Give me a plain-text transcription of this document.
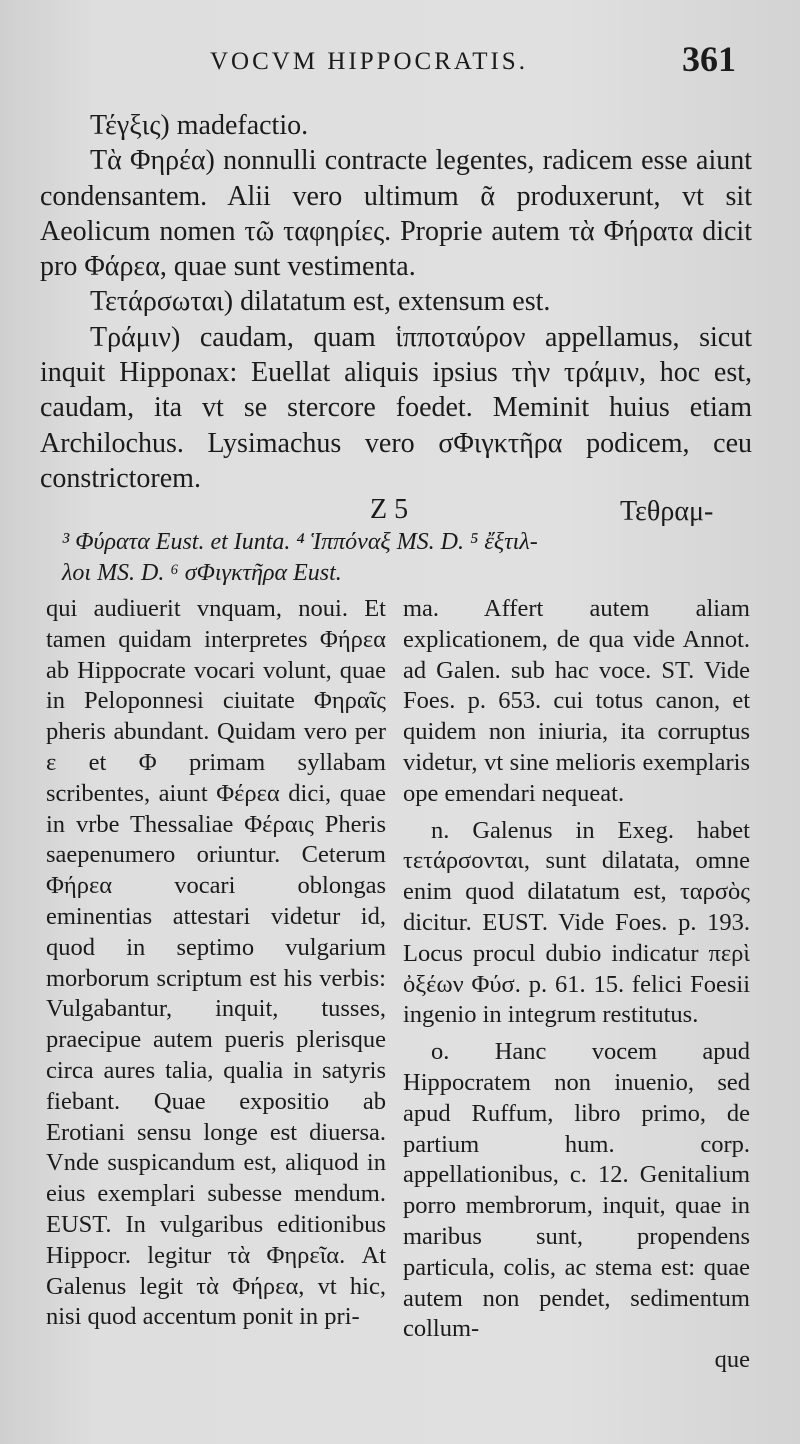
VOCVM HIPPOCRATIS.	361

Τέγξις) madefactio.

Τὰ Φηρέα) nonnulli contracte legentes, radicem esse aiunt condensantem. Alii vero ultimum ᾶ produxerunt, vt sit Aeolicum nomen τῶ ταφηρίες. Proprie autem τὰ Φήρατα dicit pro Φάρεα, quae sunt vestimenta.

Τετάρσωται) dilatatum est, extensum est.

Τράμιν) caudam, quam ἱπποταύρον appellamus, sicut inquit Hipponax: Euellat aliquis ipsius τὴν τράμιν, hoc est, caudam, ita vt se stercore foedet. Meminit huius etiam Archilochus. Lysimachus vero σΦιγκτῆρα podicem, ceu constrictorem.

Z 5	Τεθραμ-
³ Φύρατα Eust. et Iunta. ⁴ Ἱππόναξ MS. D. ⁵ ἔξτιλ-
λοι MS. D. ⁶ σΦιγκτῆρα Eust.

qui audiuerit vnquam, noui. Et tamen quidam interpretes Φήρεα ab Hippocrate vocari volunt, quae in Peloponnesi ciuitate Φηραῖς pheris abundant. Quidam vero per ε et Φ primam syllabam scribentes, aiunt Φέρεα dici, quae in vrbe Thessaliae Φέραις Pheris saepenumero oriuntur. Ceterum Φήρεα vocari oblongas eminentias attestari videtur id, quod in septimo vulgarium morborum scriptum est his verbis: Vulgabantur, inquit, tusses, praecipue autem pueris plerisque circa aures talia, qualia in satyris fiebant. Quae expositio ab Erotiani sensu longe est diuersa. Vnde suspicandum est, aliquod in eius exemplari subesse mendum. EUST. In vulgaribus editionibus Hippocr. legitur τὰ Φηρεῖα. At Galenus legit τὰ Φήρεα, vt hic, nisi quod accentum ponit in pri-

ma. Affert autem aliam explicationem, de qua vide Annot. ad Galen. sub hac voce. ST. Vide Foes. p. 653. cui totus canon, et quidem non iniuria, ita corruptus videtur, vt sine melioris exemplaris ope emendari nequeat.

n. Galenus in Exeg. habet τετάρσονται, sunt dilatata, omne enim quod dilatatum est, ταρσὸς dicitur. EUST. Vide Foes. p. 193. Locus procul dubio indicatur περὶ ὀξέων Φύσ. p. 61. 15. felici Foesii ingenio in integrum restitutus.

o. Hanc vocem apud Hippocratem non inuenio, sed apud Ruffum, libro primo, de partium hum. corp. appellationibus, c. 12. Genitalium porro membrorum, inquit, quae in maribus sunt, propendens particula, colis, ac stema est: quae autem non pendet, sedimentum collum-

que
